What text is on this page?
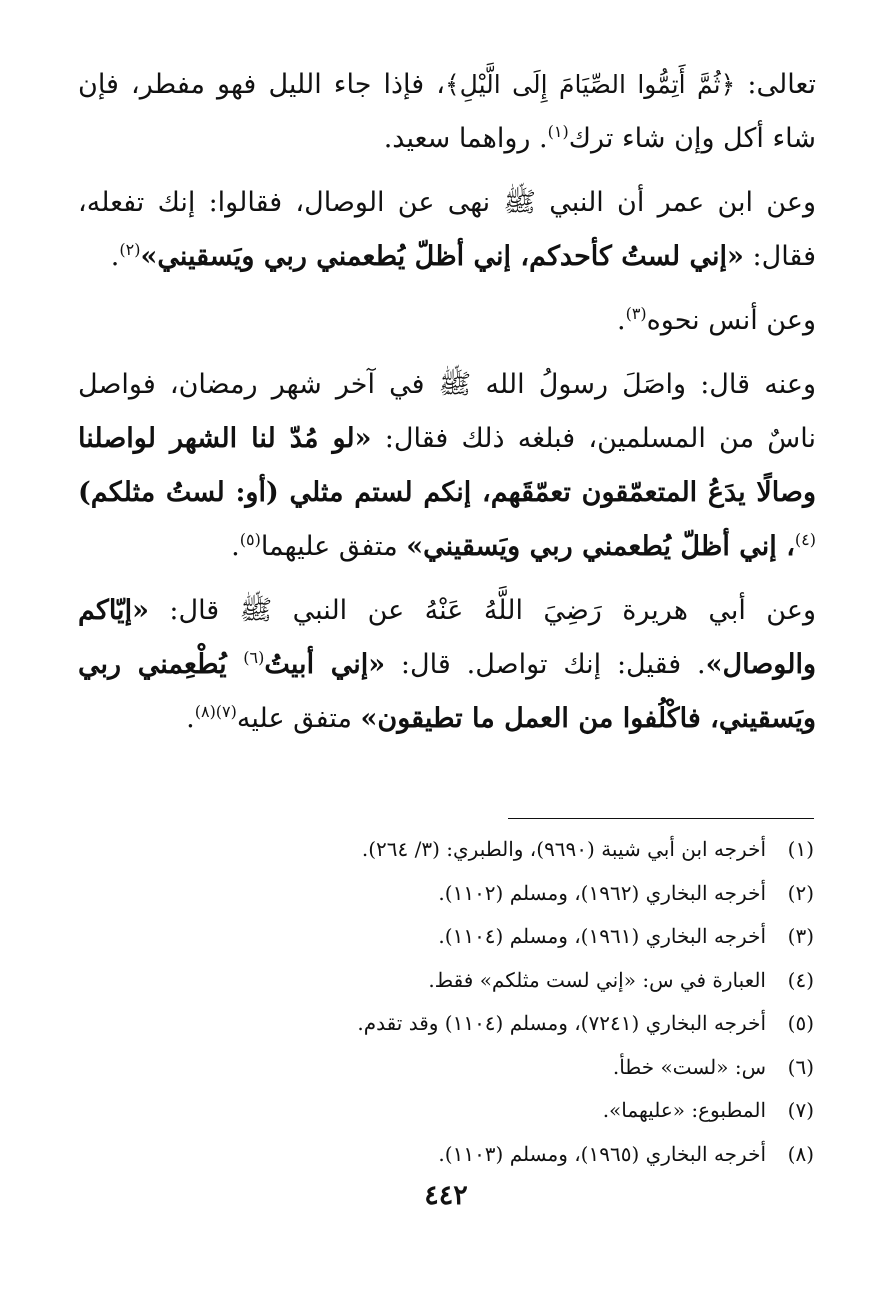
تعالى: ﴿ثُمَّ أَتِمُّوا الصِّيَامَ إِلَى الَّيْلِ﴾، فإذا جاء الليل فهو مفطر، فإن شاء أكل وإن شاء ترك$^{(١)}$. رواهما سعيد.

وعن ابن عمر أن النبي ﷺ نهى عن الوصال، فقالوا: إنك تفعله، فقال: «إني لستُ كأحدكم، إني أظلّ يُطعمني ربي ويَسقيني»$^{(٢)}$.

وعن أنس نحوه$^{(٣)}$.

وعنه قال: واصَلَ رسولُ الله ﷺ في آخر شهر رمضان، فواصل ناسٌ من المسلمين، فبلغه ذلك فقال: «لو مُدّ لنا الشهر لواصلنا وصالًا يدَعُ المتعمّقون تعمّقَهم، إنكم لستم مثلي (أو: لستُ مثلكم)$^{(٤)}$، إني أظلّ يُطعمني ربي ويَسقيني» متفق عليهما$^{(٥)}$.

وعن أبي هريرة رَضِيَ اللَّهُ عَنْهُ عن النبي ﷺ قال: «إيّاكم والوصال». فقيل: إنك تواصل. قال: «إني أبيتُ$^{(٦)}$ يُطْعِمني ربي ويَسقيني، فاكْلُفوا من العمل ما تطيقون» متفق عليه$^{(٧)(٨)}$.

(١)
أخرجه ابن أبي شيبة (٩٦٩٠)، والطبري: (٣/ ٢٦٤).
(٢)
أخرجه البخاري (١٩٦٢)، ومسلم (١١٠٢).
(٣)
أخرجه البخاري (١٩٦١)، ومسلم (١١٠٤).
(٤)
العبارة في س: «إني لست مثلكم» فقط.
(٥)
أخرجه البخاري (٧٢٤١)، ومسلم (١١٠٤) وقد تقدم.
(٦)
س: «لست» خطأ.
(٧)
المطبوع: «عليهما».
(٨)
أخرجه البخاري (١٩٦٥)، ومسلم (١١٠٣).
٤٤٢
